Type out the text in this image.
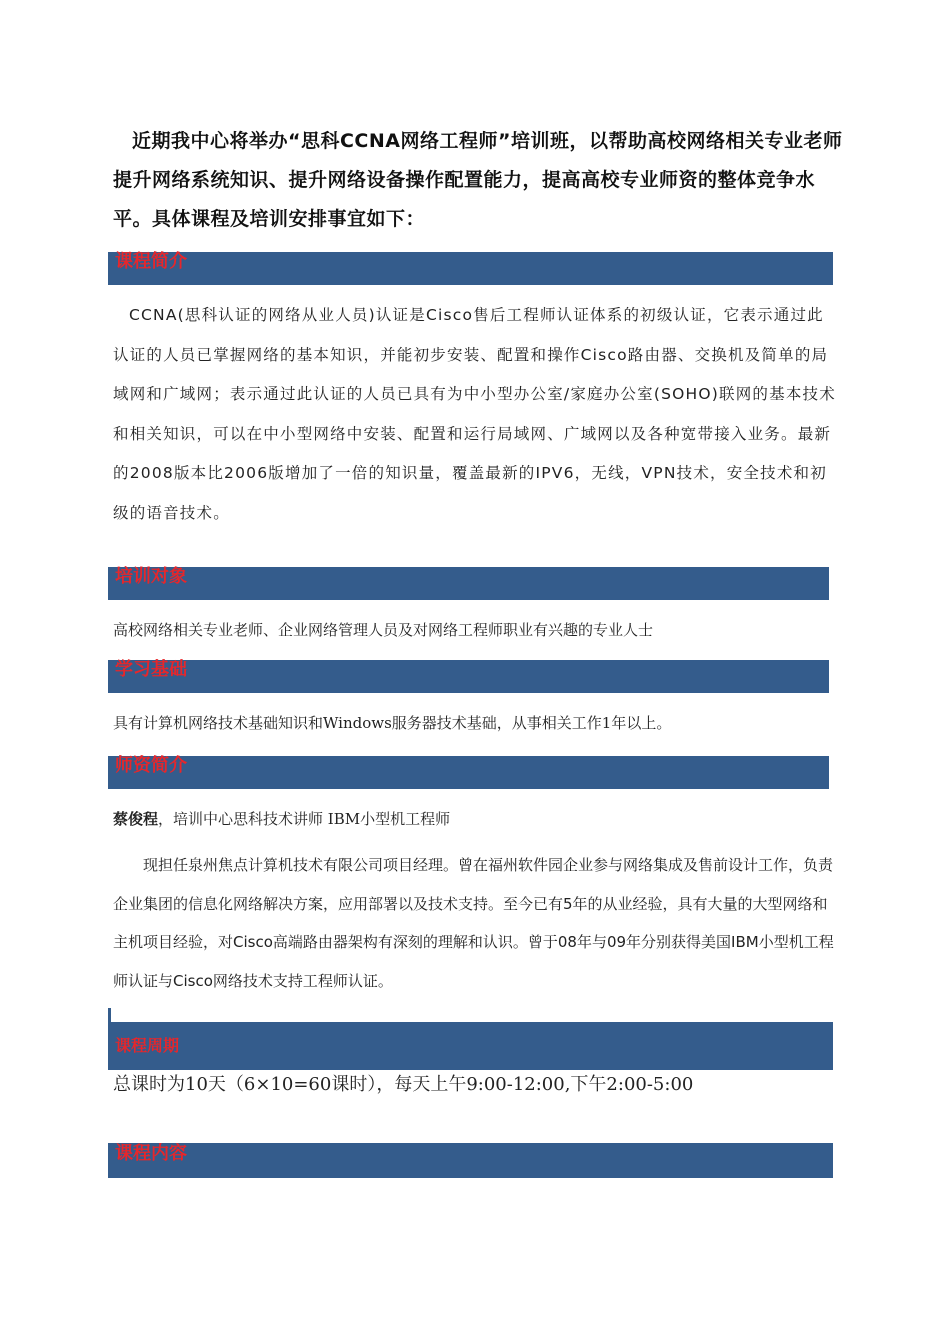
近期我中心将举办“思科CCNA网络工程师”培训班，以帮助高校网络相关专业老师提升网络系统知识、提升网络设备操作配置能力，提高高校专业师资的整体竞争水平。具体课程及培训安排事宜如下：
课程简介
CCNA(思科认证的网络从业人员)认证是Cisco售后工程师认证体系的初级认证，它表示通过此认证的人员已掌握网络的基本知识，并能初步安装、配置和操作Cisco路由器、交换机及简单的局域网和广域网；表示通过此认证的人员已具有为中小型办公室/家庭办公室(SOHO)联网的基本技术和相关知识，可以在中小型网络中安装、配置和运行局域网、广域网以及各种宽带接入业务。最新的2008版本比2006版增加了一倍的知识量，覆盖最新的IPV6，无线，VPN技术，安全技术和初级的语音技术。
培训对象
高校网络相关专业老师、企业网络管理人员及对网络工程师职业有兴趣的专业人士
学习基础
具有计算机网络技术基础知识和Windows服务器技术基础，从事相关工作1年以上。
师资简介
蔡俊程，培训中心思科技术讲师 IBM小型机工程师
现担任泉州焦点计算机技术有限公司项目经理。曾在福州软件园企业参与网络集成及售前设计工作，负责企业集团的信息化网络解决方案，应用部署以及技术支持。至今已有5年的从业经验，具有大量的大型网络和主机项目经验，对Cisco高端路由器架构有深刻的理解和认识。曾于08年与09年分别获得美国IBM小型机工程师认证与Cisco网络技术支持工程师认证。
课程周期
总课时为10天（6×10=60课时），每天上午9:00-12:00,下午2:00-5:00
课程内容
